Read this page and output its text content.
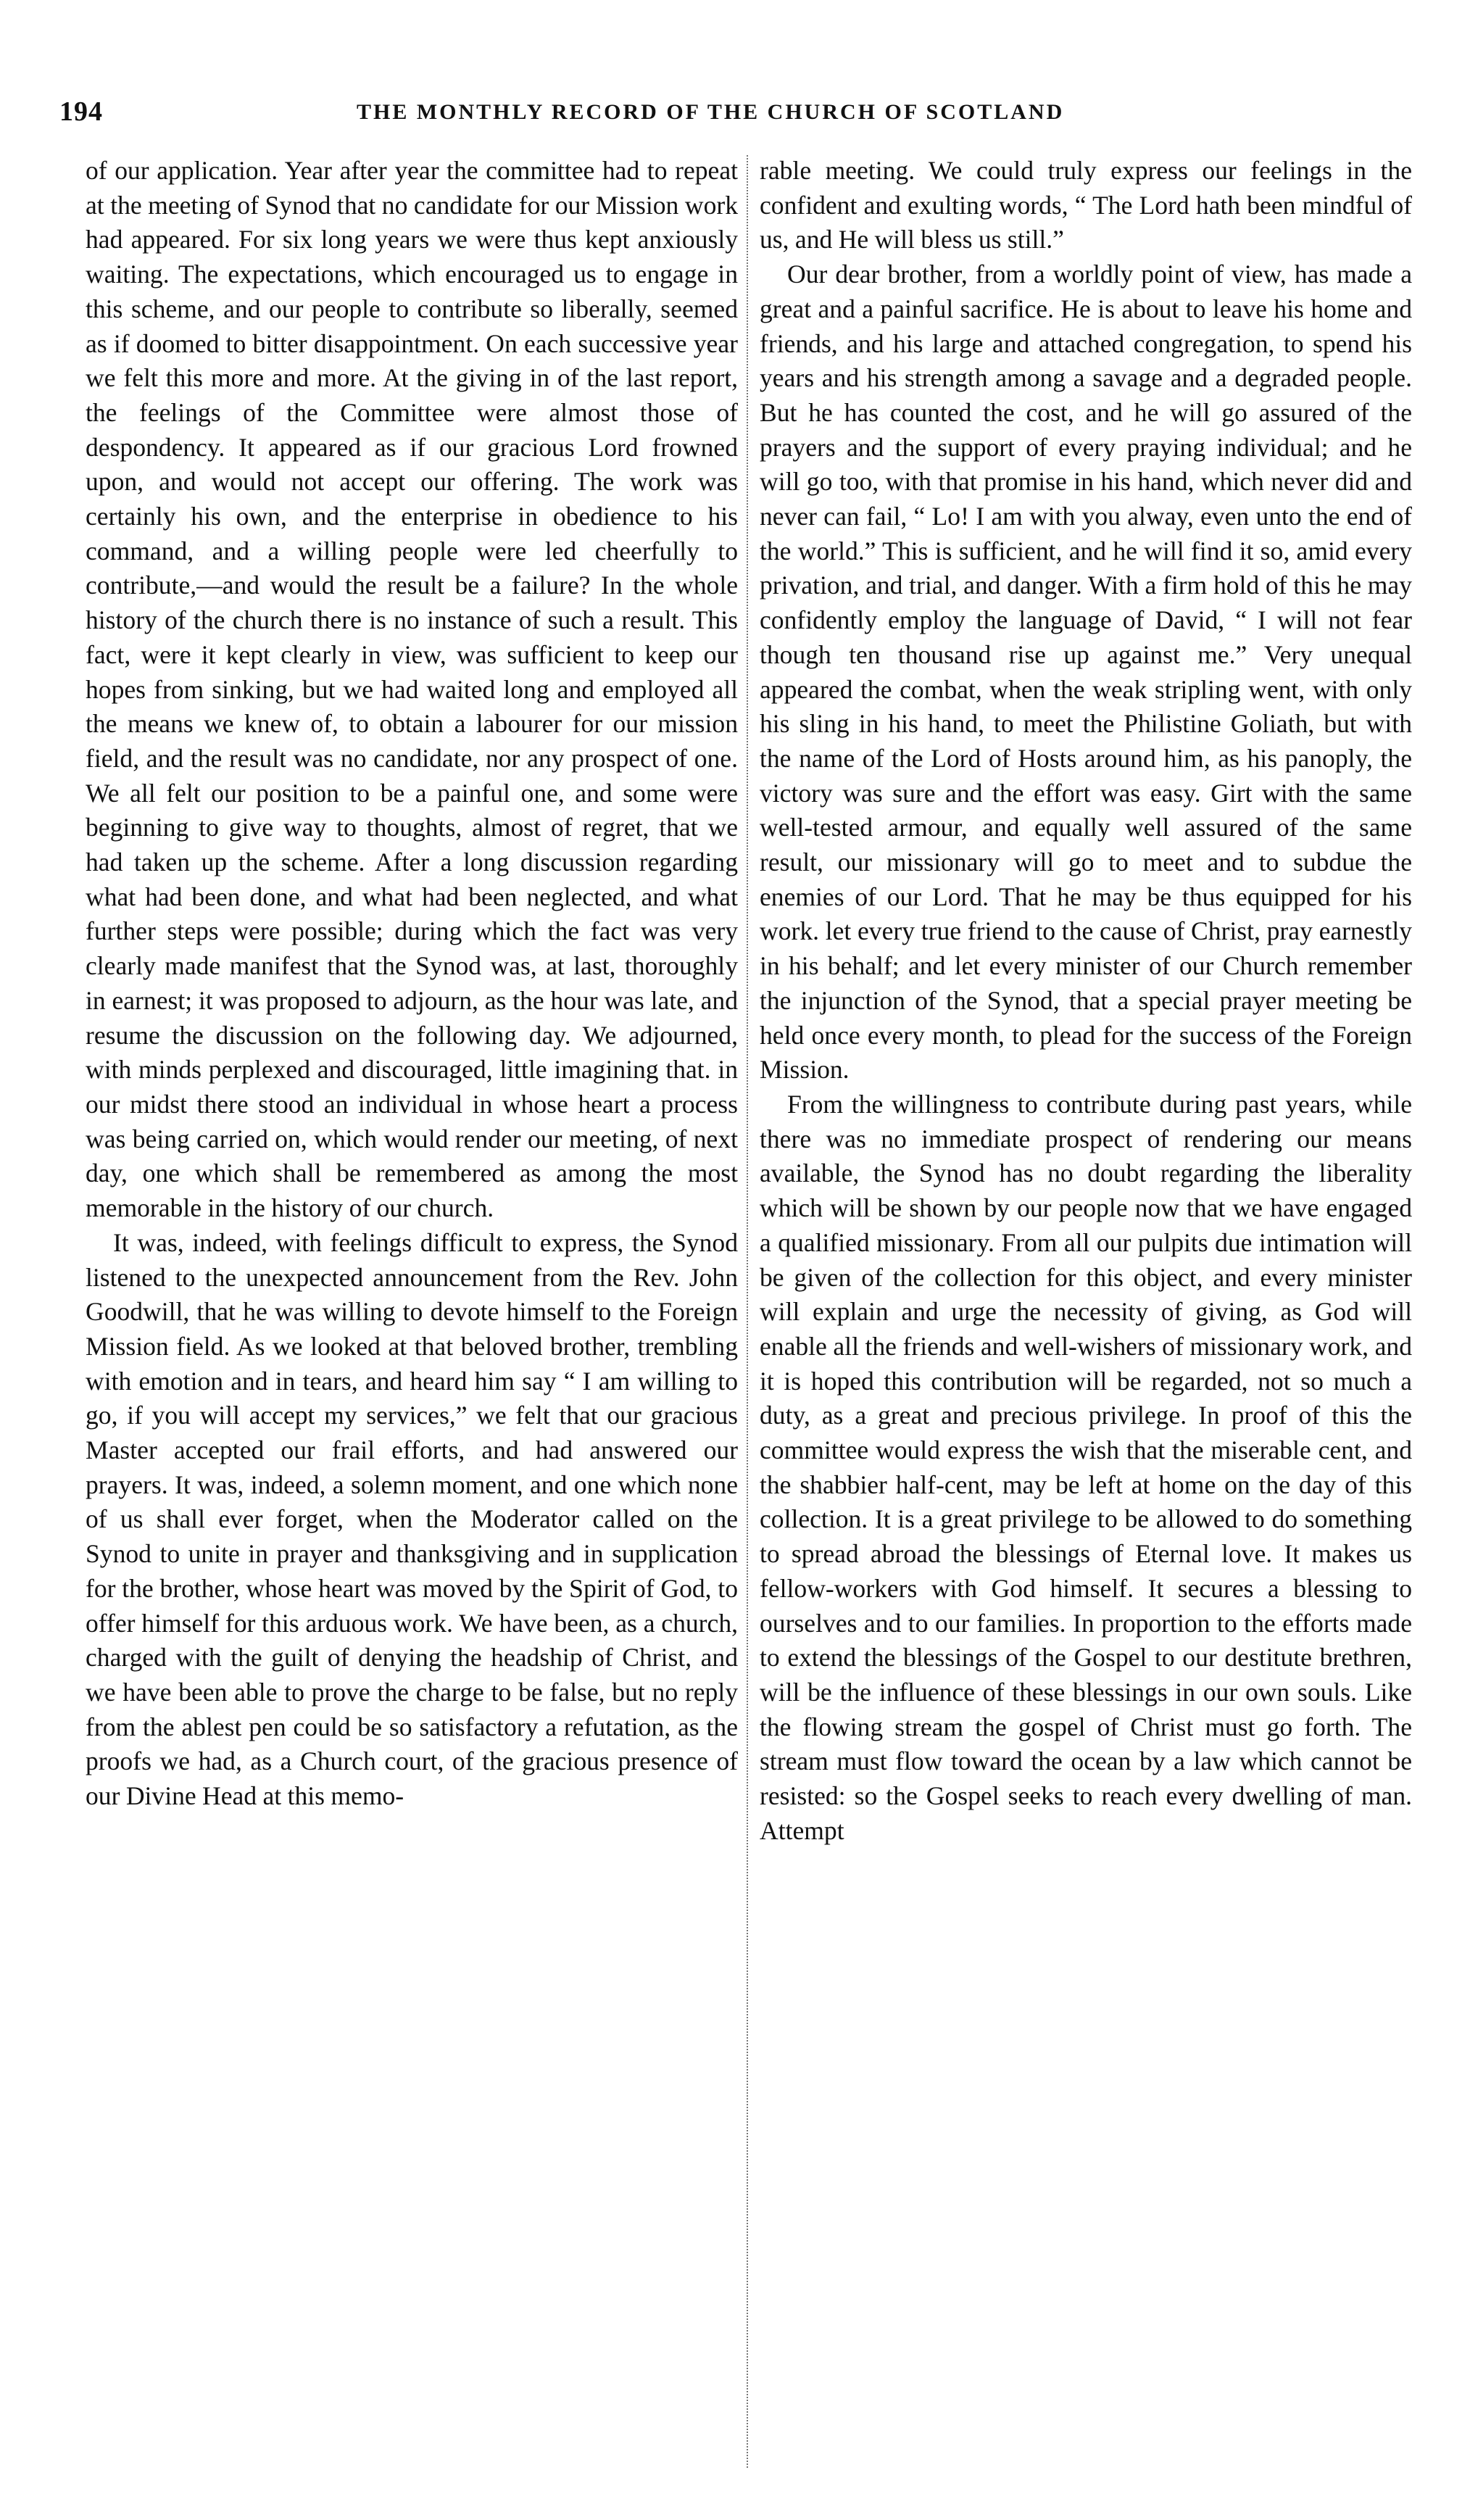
194	THE MONTHLY RECORD OF THE CHURCH OF SCOTLAND

of our application. Year after year the committee had to repeat at the meeting of Synod that no candidate for our Mission work had appeared. For six long years we were thus kept anxiously waiting. The expectations, which encouraged us to engage in this scheme, and our people to contribute so liberally, seemed as if doomed to bitter disappointment. On each successive year we felt this more and more. At the giving in of the last report, the feelings of the Committee were almost those of despondency. It appeared as if our gracious Lord frowned upon, and would not accept our offering. The work was certainly his own, and the enterprise in obedience to his command, and a willing people were led cheerfully to contribute,—and would the result be a failure? In the whole history of the church there is no instance of such a result. This fact, were it kept clearly in view, was sufficient to keep our hopes from sinking, but we had waited long and employed all the means we knew of, to obtain a labourer for our mission field, and the result was no candidate, nor any prospect of one. We all felt our position to be a painful one, and some were beginning to give way to thoughts, almost of regret, that we had taken up the scheme. After a long discussion regarding what had been done, and what had been neglected, and what further steps were possible; during which the fact was very clearly made manifest that the Synod was, at last, thoroughly in earnest; it was proposed to adjourn, as the hour was late, and resume the discussion on the following day. We adjourned, with minds perplexed and discouraged, little imagining that. in our midst there stood an individual in whose heart a process was being carried on, which would render our meeting, of next day, one which shall be remembered as among the most memorable in the history of our church.

It was, indeed, with feelings difficult to express, the Synod listened to the unexpected announcement from the Rev. John Goodwill, that he was willing to devote himself to the Foreign Mission field. As we looked at that beloved brother, trembling with emotion and in tears, and heard him say “ I am willing to go, if you will accept my services,” we felt that our gracious Master accepted our frail efforts, and had answered our prayers. It was, indeed, a solemn moment, and one which none of us shall ever forget, when the Moderator called on the Synod to unite in prayer and thanksgiving and in supplication for the brother, whose heart was moved by the Spirit of God, to offer himself for this arduous work. We have been, as a church, charged with the guilt of denying the headship of Christ, and we have been able to prove the charge to be false, but no reply from the ablest pen could be so satisfactory a refutation, as the proofs we had, as a Church court, of the gracious presence of our Divine Head at this memo-

rable meeting. We could truly express our feelings in the confident and exulting words, “ The Lord hath been mindful of us, and He will bless us still.”

Our dear brother, from a worldly point of view, has made a great and a painful sacrifice. He is about to leave his home and friends, and his large and attached congregation, to spend his years and his strength among a savage and a degraded people. But he has counted the cost, and he will go assured of the prayers and the support of every praying individual; and he will go too, with that promise in his hand, which never did and never can fail, “ Lo! I am with you alway, even unto the end of the world.” This is sufficient, and he will find it so, amid every privation, and trial, and danger. With a firm hold of this he may confidently employ the language of David, “ I will not fear though ten thousand rise up against me.” Very unequal appeared the combat, when the weak stripling went, with only his sling in his hand, to meet the Philistine Goliath, but with the name of the Lord of Hosts around him, as his panoply, the victory was sure and the effort was easy. Girt with the same well-tested armour, and equally well assured of the same result, our missionary will go to meet and to subdue the enemies of our Lord. That he may be thus equipped for his work. let every true friend to the cause of Christ, pray earnestly in his behalf; and let every minister of our Church remember the injunction of the Synod, that a special prayer meeting be held once every month, to plead for the success of the Foreign Mission.

From the willingness to contribute during past years, while there was no immediate prospect of rendering our means available, the Synod has no doubt regarding the liberality which will be shown by our people now that we have engaged a qualified missionary. From all our pulpits due intimation will be given of the collection for this object, and every minister will explain and urge the necessity of giving, as God will enable all the friends and well-wishers of missionary work, and it is hoped this contribution will be regarded, not so much a duty, as a great and precious privilege. In proof of this the committee would express the wish that the miserable cent, and the shabbier half-cent, may be left at home on the day of this collection. It is a great privilege to be allowed to do something to spread abroad the blessings of Eternal love. It makes us fellow-workers with God himself. It secures a blessing to ourselves and to our families. In proportion to the efforts made to extend the blessings of the Gospel to our destitute brethren, will be the influence of these blessings in our own souls. Like the flowing stream the gospel of Christ must go forth. The stream must flow toward the ocean by a law which cannot be resisted: so the Gospel seeks to reach every dwelling of man. Attempt
